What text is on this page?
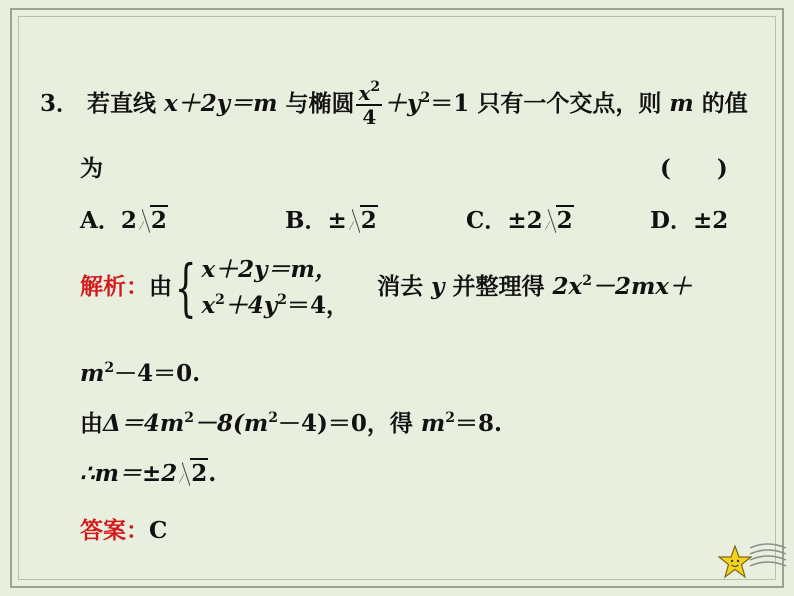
3． 若直线 x＋2y＝m 与椭圆 $\frac{x^2}{4} +y^2=1$ 只有一个交点，则 m 的值
为	(　　)
A．2 2	B．± 2	C．±2 2	D．±2
解析：由{ x＋2y＝m，
$x^2+4y^2=4$，
消去 y 并整理得 $2x^2-2mx+$
$m^2-4=0$.
由$\Delta=4m^2-8(m^2-4)=0$，得 $m^2=8$.
∴m＝±2 2.
答案：C
